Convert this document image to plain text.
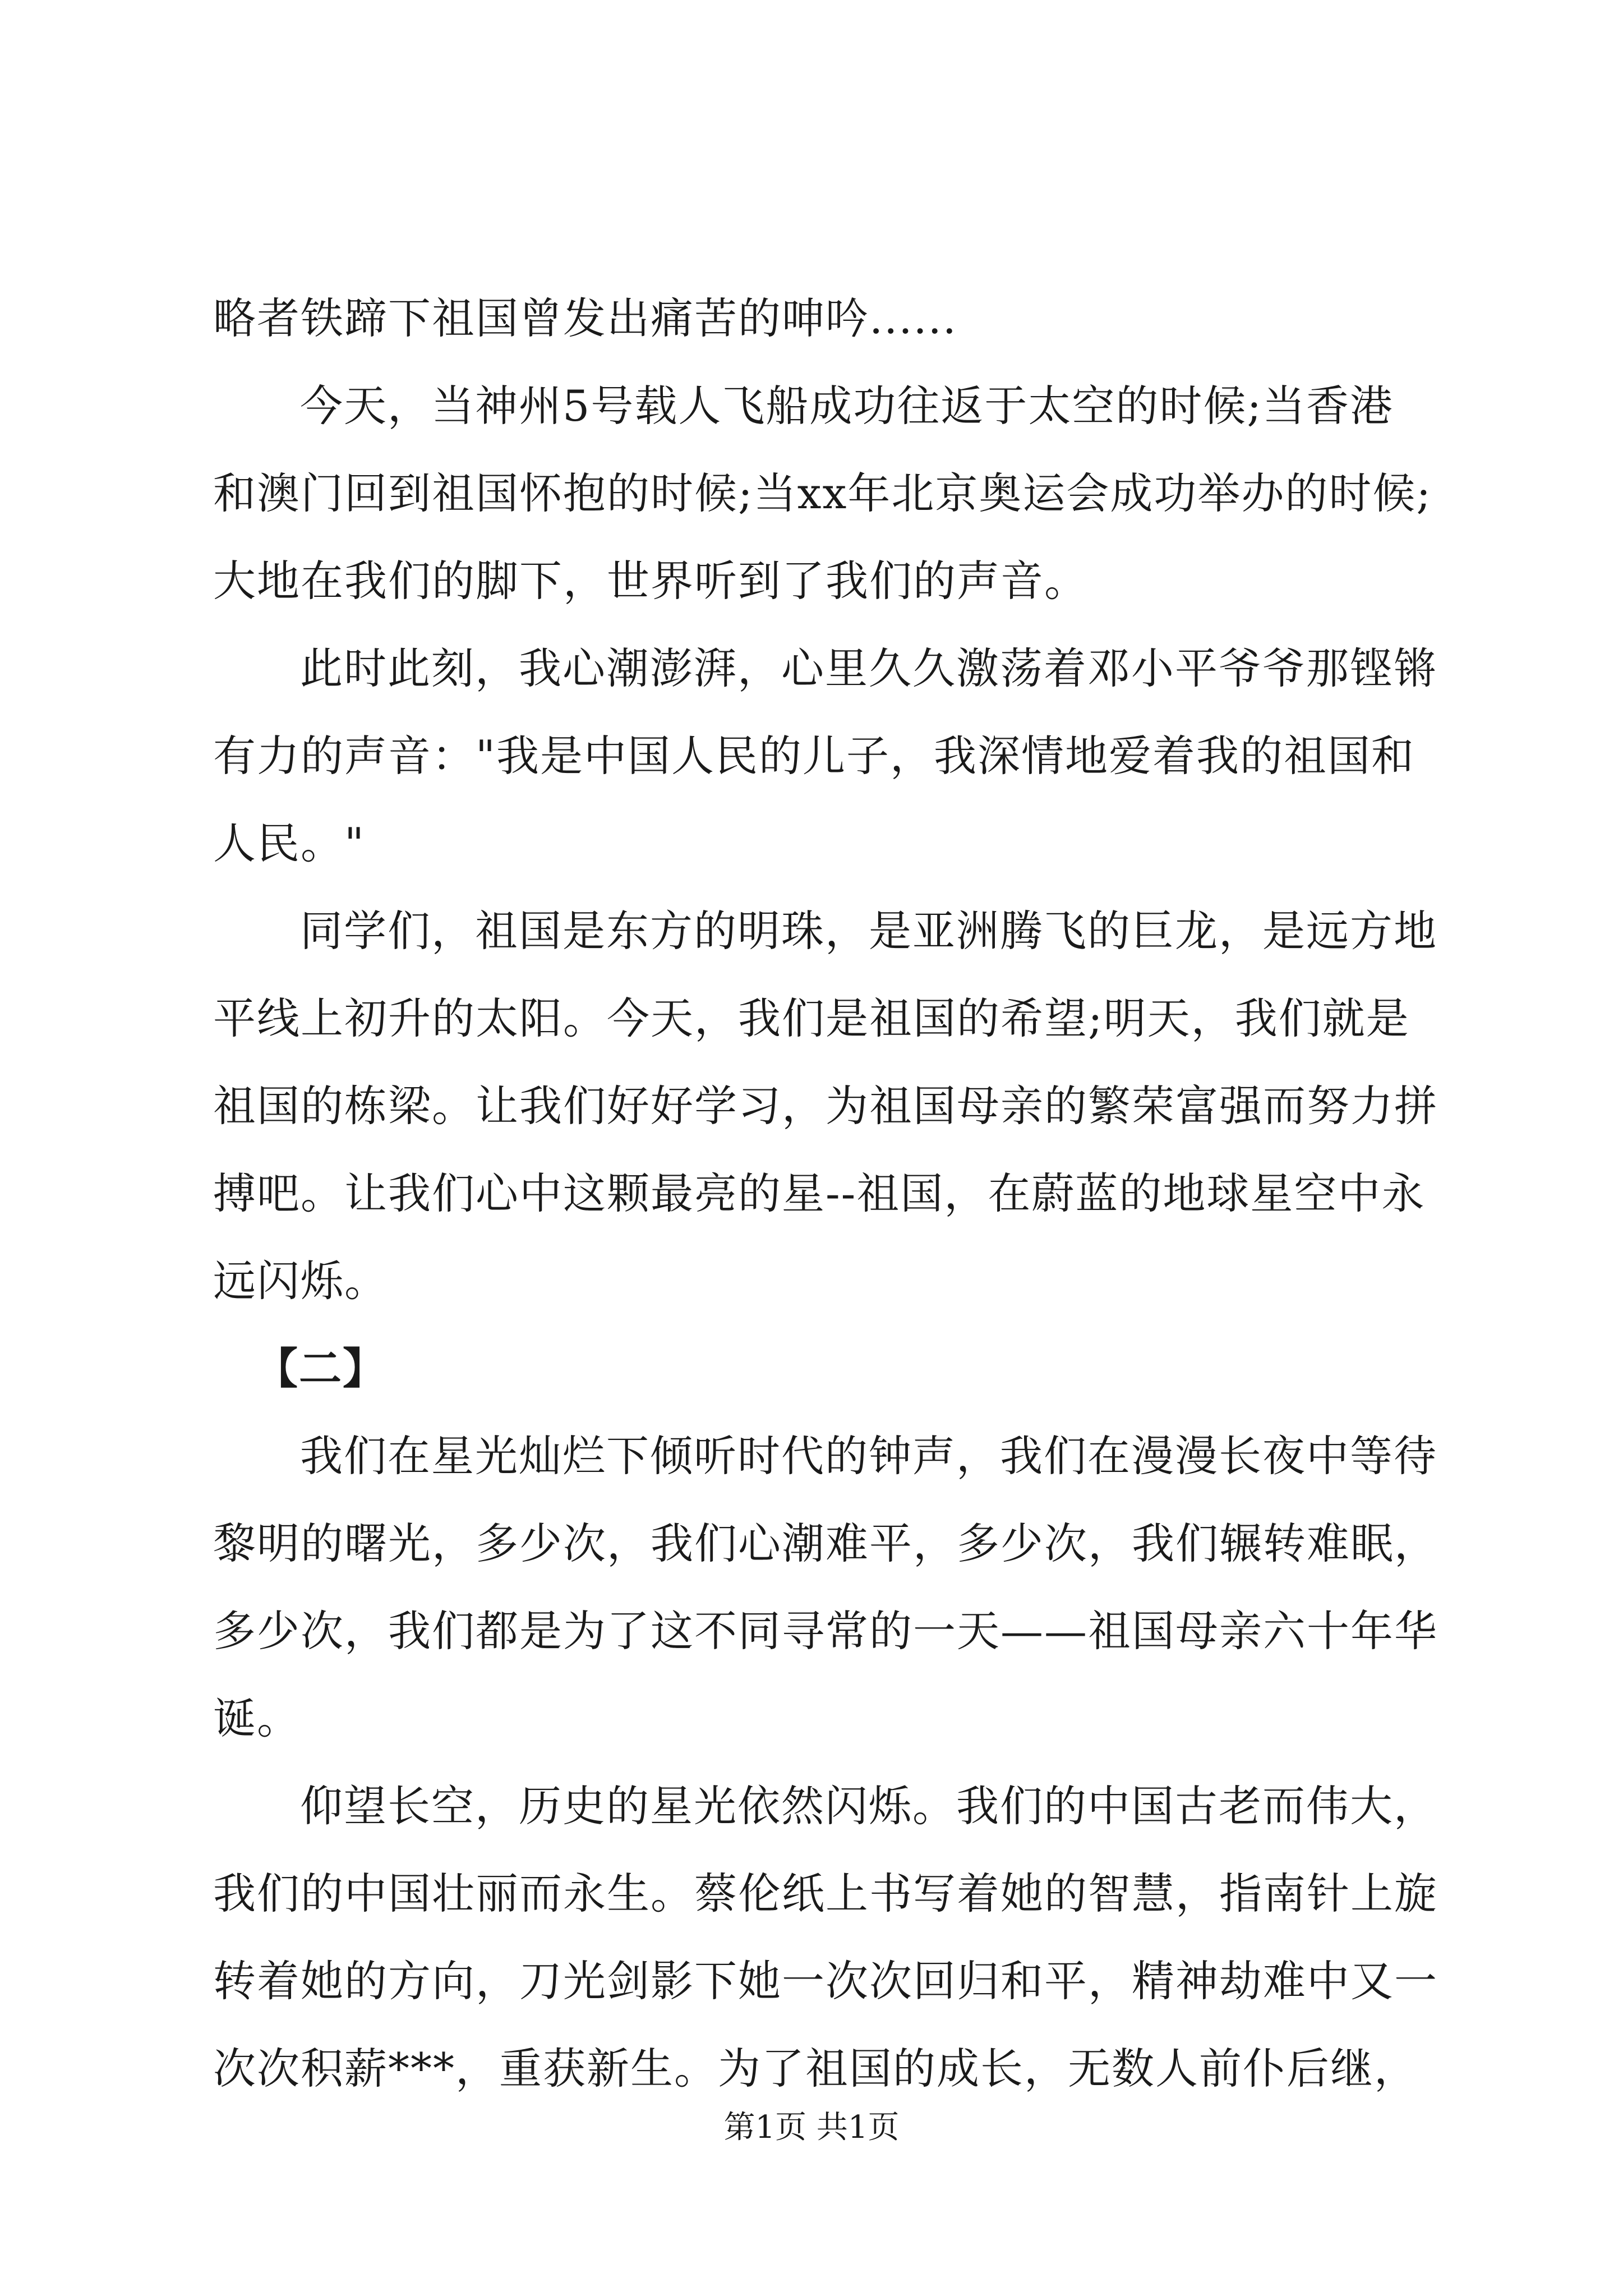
略者铁蹄下祖国曾发出痛苦的呻吟......
今天，当神州5号载人飞船成功往返于太空的时候;当香港
和澳门回到祖国怀抱的时候;当xx年北京奥运会成功举办的时候;
大地在我们的脚下，世界听到了我们的声音。
此时此刻，我心潮澎湃，心里久久激荡着邓小平爷爷那铿锵
有力的声音："我是中国人民的儿子，我深情地爱着我的祖国和
人民。"
同学们，祖国是东方的明珠，是亚洲腾飞的巨龙，是远方地
平线上初升的太阳。今天，我们是祖国的希望;明天，我们就是
祖国的栋梁。让我们好好学习，为祖国母亲的繁荣富强而努力拼
搏吧。让我们心中这颗最亮的星--祖国，在蔚蓝的地球星空中永
远闪烁。
【二】
我们在星光灿烂下倾听时代的钟声，我们在漫漫长夜中等待
黎明的曙光，多少次，我们心潮难平，多少次，我们辗转难眠，
多少次，我们都是为了这不同寻常的一天——祖国母亲六十年华
诞。
仰望长空，历史的星光依然闪烁。我们的中国古老而伟大，
我们的中国壮丽而永生。蔡伦纸上书写着她的智慧，指南针上旋
转着她的方向，刀光剑影下她一次次回归和平，精神劫难中又一
次次积薪***，重获新生。为了祖国的成长，无数人前仆后继，
第1页 共1页
